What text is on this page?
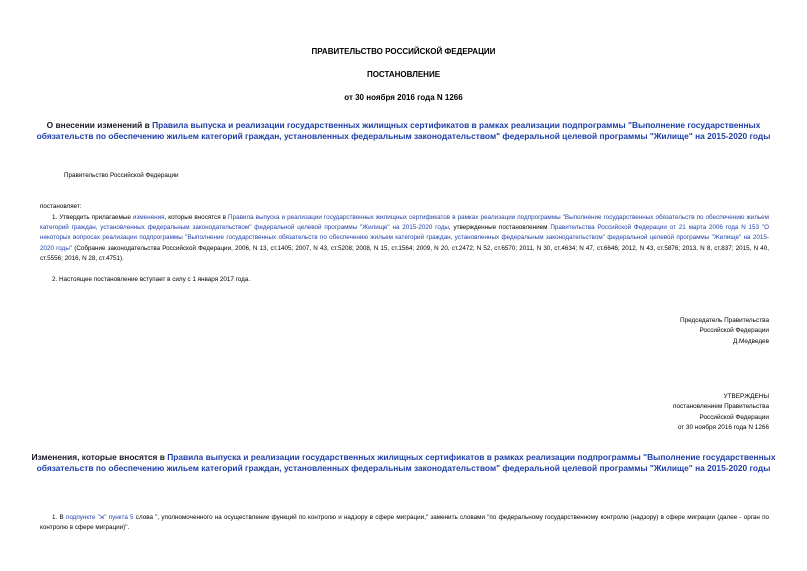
ПРАВИТЕЛЬСТВО РОССИЙСКОЙ ФЕДЕРАЦИИ
ПОСТАНОВЛЕНИЕ
от 30 ноября 2016 года N 1266
О внесении изменений в Правила выпуска и реализации государственных жилищных сертификатов в рамках реализации подпрограммы "Выполнение государственных обязательств по обеспечению жильем категорий граждан, установленных федеральным законодательством" федеральной целевой программы "Жилище" на 2015-2020 годы
Правительство Российской Федерации
постановляет:
1. Утвердить прилагаемые изменения, которые вносятся в Правила выпуска и реализации государственных жилищных сертификатов в рамках реализации подпрограммы "Выполнение государственных обязательств по обеспечению жильем категорий граждан, установленных федеральным законодательством" федеральной целевой программы "Жилище" на 2015-2020 годы, утвержденные постановлением Правительства Российской Федерации от 21 марта 2006 года N 153 "О некоторых вопросах реализации подпрограммы "Выполнение государственных обязательств по обеспечению жильем категорий граждан, установленных федеральным законодательством" федеральной целевой программы "Жилище" на 2015-2020 годы" (Собрание законодательства Российской Федерации, 2006, N 13, ст.1405; 2007, N 43, ст.5208; 2008, N 15, ст.1564; 2009, N 20, ст.2472; N 52, ст.6570; 2011, N 30, ст.4634; N 47, ст.6646; 2012, N 43, ст.5876; 2013, N 8, ст.837; 2015, N 40, ст.5556; 2016, N 28, ст.4751).
2. Настоящее постановление вступает в силу с 1 января 2017 года.
Председатель Правительства
Российской Федерации
Д.Медведев
УТВЕРЖДЕНЫ
постановлением Правительства
Российской Федерации
от 30 ноября 2016 года N 1266
Изменения, которые вносятся в Правила выпуска и реализации государственных жилищных сертификатов в рамках реализации подпрограммы "Выполнение государственных обязательств по обеспечению жильем категорий граждан, установленных федеральным законодательством" федеральной целевой программы "Жилище" на 2015-2020 годы
1. В подпункте "ж" пункта 5 слова ", уполномоченного на осуществление функций по контролю и надзору в сфере миграции," заменить словами "по федеральному государственному контролю (надзору) в сфере миграции (далее - орган по контролю в сфере миграции)".
